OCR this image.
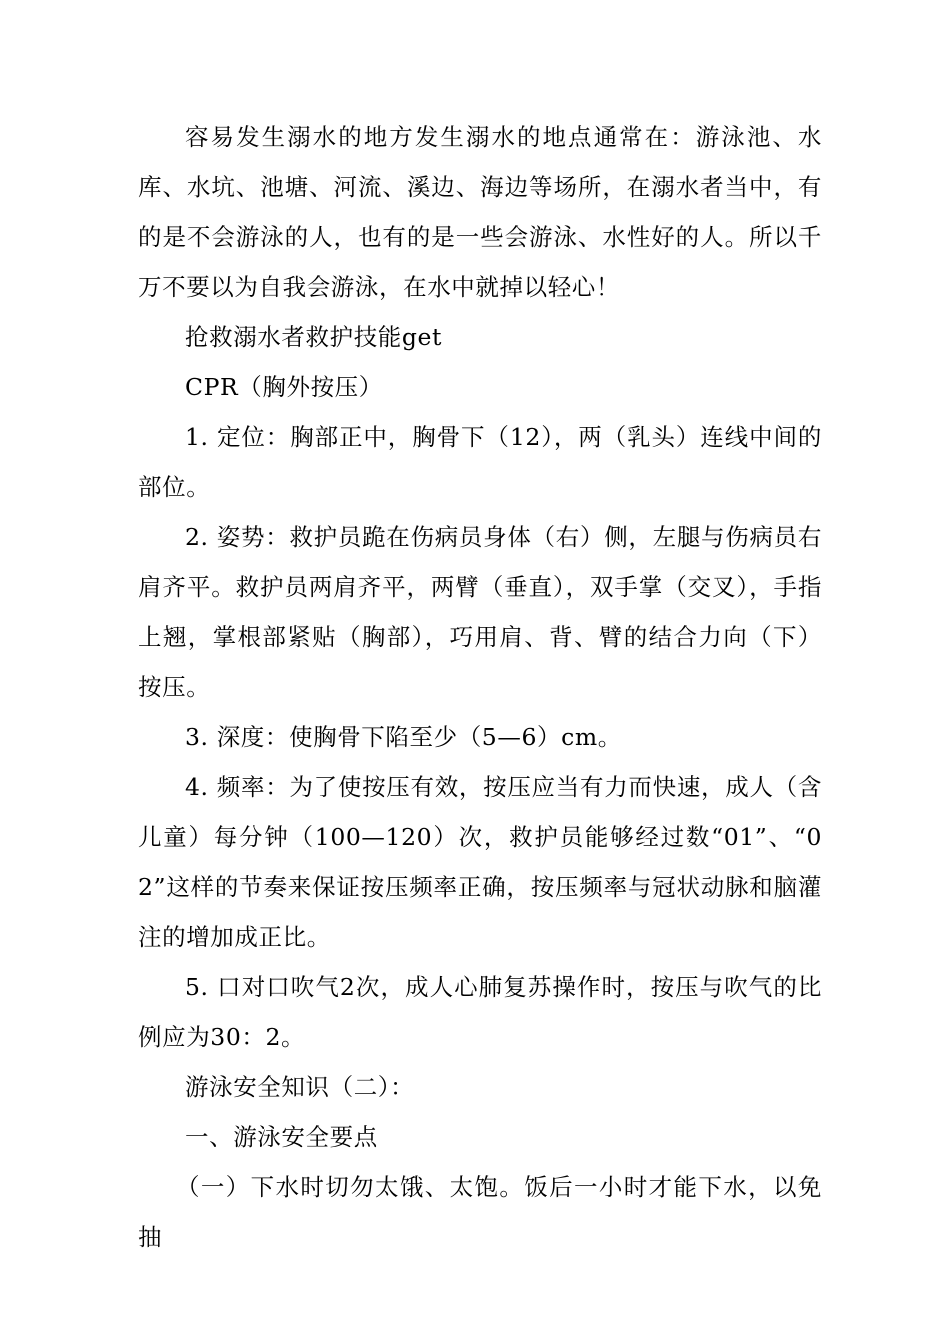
容易发生溺水的地方发生溺水的地点通常在：游泳池、水库、水坑、池塘、河流、溪边、海边等场所，在溺水者当中，有的是不会游泳的人，也有的是一些会游泳、水性好的人。所以千万不要以为自我会游泳，在水中就掉以轻心！

抢救溺水者救护技能get

CPR（胸外按压）

1. 定位：胸部正中，胸骨下（12），两（乳头）连线中间的部位。

2. 姿势：救护员跪在伤病员身体（右）侧，左腿与伤病员右肩齐平。救护员两肩齐平，两臂（垂直），双手掌（交叉），手指上翘，掌根部紧贴（胸部），巧用肩、背、臂的结合力向（下）按压。

3. 深度：使胸骨下陷至少（5—6）cm。

4. 频率：为了使按压有效，按压应当有力而快速，成人（含儿童）每分钟（100—120）次，救护员能够经过数“01”、“02”这样的节奏来保证按压频率正确，按压频率与冠状动脉和脑灌注的增加成正比。

5. 口对口吹气2次，成人心肺复苏操作时，按压与吹气的比例应为30：2。

游泳安全知识（二）：

一、游泳安全要点

（一）下水时切勿太饿、太饱。饭后一小时才能下水，以免抽
